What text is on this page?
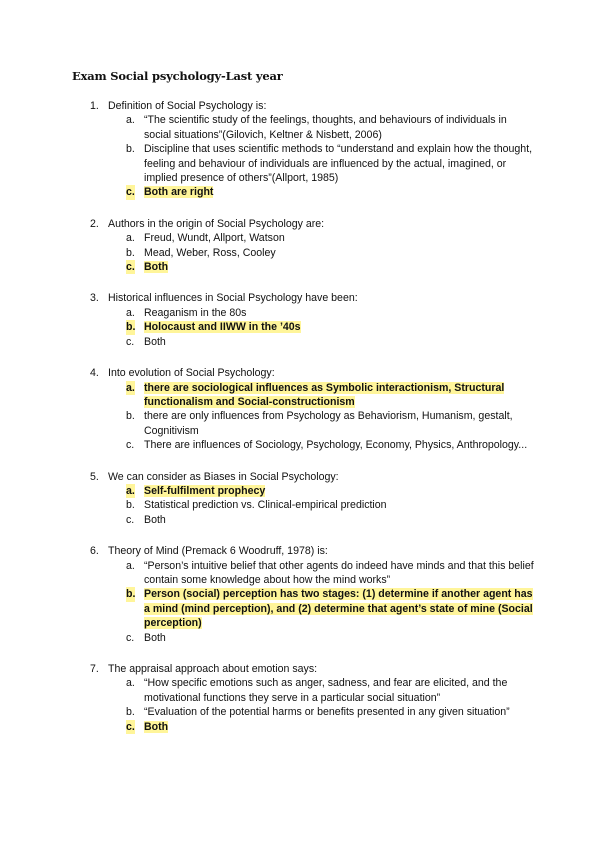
Exam Social psychology-Last year
1. Definition of Social Psychology is:
a. “The scientific study of the feelings, thoughts, and behaviours of individuals in social situations”(Gilovich, Keltner & Nisbett, 2006)
b. Discipline that uses scientific methods to “understand and explain how the thought, feeling and behaviour of individuals are influenced by the actual, imagined, or implied presence of others”(Allport, 1985)
c. Both are right
2. Authors in the origin of Social Psychology are:
a. Freud, Wundt, Allport, Watson
b. Mead, Weber, Ross, Cooley
c. Both
3. Historical influences in Social Psychology have been:
a. Reaganism in the 80s
b. Holocaust and IIWW in the ’40s
c. Both
4. Into evolution of Social Psychology:
a. there are sociological influences as Symbolic interactionism, Structural functionalism and Social-constructionism
b. there are only influences from Psychology as Behaviorism, Humanism, gestalt, Cognitivism
c. There are influences of Sociology, Psychology, Economy, Physics, Anthropology...
5. We can consider as Biases in Social Psychology:
a. Self-fulfilment prophecy
b. Statistical prediction vs. Clinical-empirical prediction
c. Both
6. Theory of Mind (Premack 6 Woodruff, 1978) is:
a. “Person’s intuitive belief that other agents do indeed have minds and that this belief contain some knowledge about how the mind works”
b. Person (social) perception has two stages: (1) determine if another agent has a mind (mind perception), and (2) determine that agent’s state of mine (Social perception)
c. Both
7. The appraisal approach about emotion says:
a. “How specific emotions such as anger, sadness, and fear are elicited, and the motivational functions they serve in a particular social situation”
b. “Evaluation of the potential harms or benefits presented in any given situation”
c. Both
